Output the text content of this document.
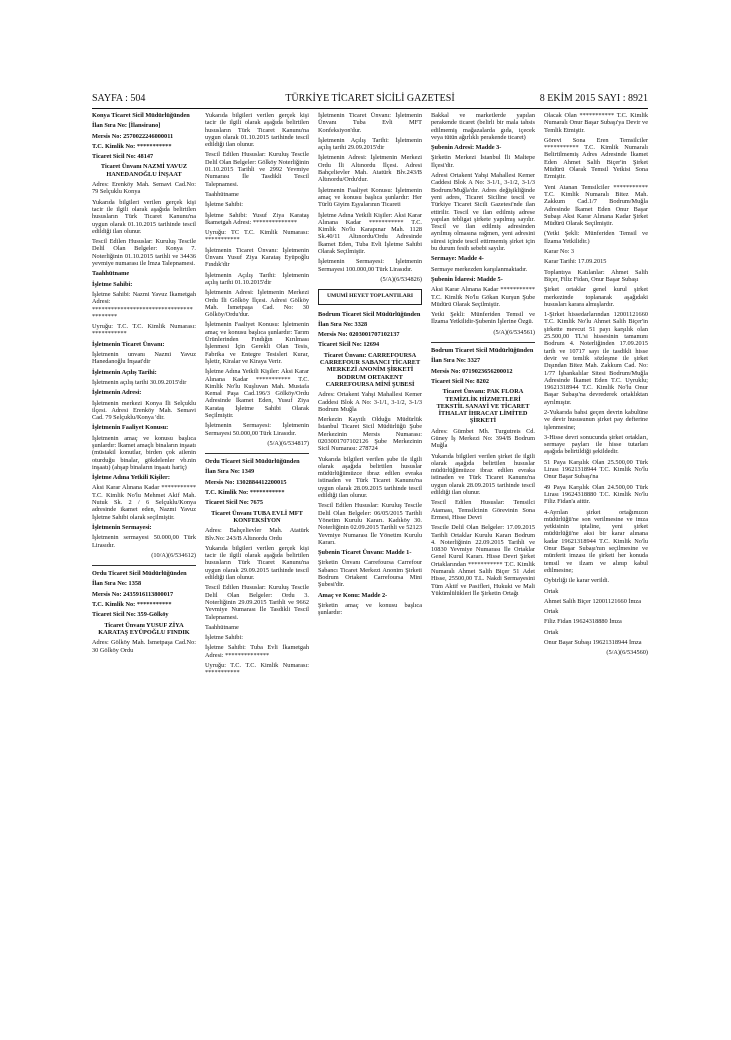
TÜRKİYE TİCARET SİCİLİ GAZETESİ
SAYFA : 504	8 EKİM 2015 SAYI : 8921
Konya Ticaret Sicil Müdürlüğünden
İlan Sıra No: [İlansirano]
Mersis No: 2570022246000011
T.C. Kimlik No: ***********
Ticaret Sicil No: 48147
Ticaret Ünvanı NAZMİ YAVUZ HANEDANOĞLU İNŞAAT
Adres: Erenköy Mah. Semavi Cad.No: 79 Selçuklu Konya
Yukarıda bilgileri verilen gerçek kişi tacir ile ilgili olarak aşağıda belirtilen hususların Türk Ticaret Kanunu'na uygun olarak 01.10.2015 tarihinde tescil edildiği ilan olunur.
Tescil Edilen Hususlar: Kuruluş Tescile Delil Olan Belgeler: Konya 7. Noterliğinin 01.10.2015 tarihli ve 34436 yevmiye numarası ile İmza Talepnamesi.
Taahhütname
İşletme Sahibi:
İşletme Sahibi: Nazmi Yavuz İkametgah Adresi: ******************************** ********
Uyruğu: T.C. T.C. Kimlik Numarası: ***********
İşletmenin Ticaret Ünvanı:
İşletmenin unvanı Nazmi Yavuz Hanedanoğlu İnşaat'dir
İşletmenin Açılış Tarihi:
İşletmenin açılış tarihi 30.09.2015'dir
İşletmenin Adresi:
İşletmenin merkezi Konya İli Selçuklu ilçesi. Adresi Erenköy Mah. Semavi Cad. 79 Selçuklu/Konya 'dir.
İşletmenin Faaliyet Konusu:
İşletmenin amaç ve konusu başlıca şunlardır: İkamet amaçlı binaların inşaatı (müstakil konutlar, birden çok ailenin oturduğu binalar, gökdelenler vb.nin inşaatı) (ahşap binaların inşaatı hariç)
İşletme Adına Yetkili Kişiler:
Aksi Karar Alınana Kadar *********** T.C. Kimlik No'lu Mehmet Akif Mah. Nutuk Sk. 2 / 6 Selçuklu/Konya adresinde ikamet eden, Nazmi Yavuz İşletme Sahibi olarak seçilmiştir.
İşletmenin Sermayesi:
İşletmenin sermayesi 50.000,00 Türk Lirasıdır.
(10/A)(6/534612)
Ordu Ticaret Sicil Müdürlüğünden
İlan Sıra No: 1358
Mersis No: 2435916113800017
T.C. Kimlik No: ***********
Ticaret Sicil No: 359-Gölköy
Ticaret Ünvanı YUSUF ZİYA KARATAŞ EYÜPOĞLU FINDIK
Adres: Gölköy Mah. İsmetpaşa Cad.No: 30 Gölköy Ordu
Yukarıda bilgileri verilen gerçek kişi tacir ile ilgili olarak aşağıda belirtilen hususların Türk Ticaret Kanunu'na uygun olarak 01.10.2015 tarihinde tescil edildiği ilan olunur.
Tescil Edilen Hususlar: Kuruluş Tescile Delil Olan Belgeler: Gölköy Noterliğinin 01.10.2015 Tarihli ve 2992 Yevmiye Numarası İle Tasdikli Tescil Talepnamesi.
Taahhütname
İşletme Sahibi:
İşletme Sahibi: Yusuf Ziya Karataş İkametgah Adresi: **************
Uyruğu: TC T.C. Kimlik Numarası: ***********
İşletmenin Ticaret Ünvanı: İşletmenin Ünvanı Yusuf Ziya Karataş Eyüpoğlu Fındık'dir
İşletmenin Açılış Tarihi: İşletmenin açılış tarihi 01.10.2015'dir
İşletmenin Adresi: İşletmenin Merkezi Ordu İli Gölköy İlçesi. Adresi Gölköy Mah. İsmetpaşa Cad. No: 30 Gölköy/Ordu'dur.
İşletmenin Faaliyet Konusu: İşletmenin amaç ve konusu başlıca şunlardır: Tarım Ürünlerinden Fındığın Kırılması İşlenmesi İçin Gerekli Olan Tesis, Fabrika ve Entegre Tesisleri Kurar, İşletir, Kiralar ve Kiraya Verir.
İşletme Adına Yetkili Kişiler: Aksi Karar Alınana Kadar *********** T.C. Kimlik No'lu Kuşluvan Mah. Mustafa Kemal Paşa Cad.196/3 Gölköy/Ordu Adresinde İkamet Eden, Yusuf Ziya Karataş İşletme Sahibi Olarak Seçilmiştir.
İşletmenin Sermayesi: İşletmenin Sermayesi 50.000,00 Türk Lirasıdır.
(5/A)(6/534817)
Ordu Ticaret Sicil Müdürlüğünden
İlan Sıra No: 1349
Mersis No: 1302884412200015
T.C. Kimlik No: ***********
Ticaret Sicil No: 7675
Ticaret Ünvanı TUBA EVLİ MFT KONFEKSİYON
Adres: Bahçelievler Mah. Atatürk Blv.No: 243/B Altınordu Ordu
Yukarıda bilgileri verilen gerçek kişi tacir ile ilgili olarak aşağıda belirtilen hususların Türk Ticaret Kanunu'na uygun olarak 29.09.2015 tarihinde tescil edildiği ilan olunur.
Tescil Edilen Hususlar: Kuruluş Tescile Delil Olan Belgeler: Ordu 3. Noterliğinin 29.09.2015 Tarihli ve 9662 Yevmiye Numarası İle Tasdikli Tescil Talepnamesi.
Taahhütname
İşletme Sahibi:
İşletme Sahibi: Tuba Evli İkametgah Adresi: **************
Uyruğu: T.C. T.C. Kimlik Numarası: ***********
İşletmenin Ticaret Ünvanı: İşletmenin Ünvanı Tuba Evli MFT Konfeksiyon'dur.
İşletmenin Açılış Tarihi: İşletmenin açılış tarihi 29.09.2015'dir
İşletmenin Adresi: İşletmenin Merkezi Ordu İli Altınordu İlçesi. Adresi Bahçelievler Mah. Atatürk Blv.243/B Altınordu/Ordu'dur.
İşletmenin Faaliyet Konusu: İşletmenin amaç ve konusu başlıca şunlardır: Her Türlü Giyim Eşyalarının Ticareti
İşletme Adına Yetkili Kişiler: Aksi Karar Alınana Kadar *********** T.C. Kimlik No'lu Karapınar Mah. 1128 Sk.40/11 Altınordu/Ordu Adresinde İkamet Eden, Tuba Evli İşletme Sahibi Olarak Seçilmiştir.
İşletmenin Sermayesi: İşletmenin Sermayesi 100.000,00 Türk Lirasıdır.
(5/A)(6/534826)
UMUMİ HEYET TOPLANTILARI
Bodrum Ticaret Sicil Müdürlüğünden
İlan Sıra No: 3328
Mersis No: 0203001707102137
Ticaret Sicil No: 12694
Ticaret Ünvanı: CARREFOURSA CARREFOUR SABANCI TİCARET MERKEZİ ANONİM ŞİRKETİ BODRUM ORTAKENT CARREFOURSA MİNİ ŞUBESİ
Adres: Ortakent Yahşi Mahallesi Kemer Caddesi Blok A No: 3-1/1, 3-1/2, 3-1/3 Bodrum Muğla
Merkezin Kayıtlı Olduğu Müdürlük İstanbul Ticaret Sicil Müdürlüğü Şube Merkezinin Mersis Numarası: 0203001707102126 Şube Merkezinin Sicil Numarası: 278724
Yukarıda bilgileri verilen şube ile ilgili olarak aşağıda belirtilen hususlar müdürlüğümüzce ibraz edilen evraka istinaden ve Türk Ticaret Kanunu'na uygun olarak 28.09.2015 tarihinde tescil edildiği ilan olunur.
Tescil Edilen Hususlar: Kuruluş Tescile Delil Olan Belgeler: 06/05/2015 Tarihli Yönetim Kurulu Kararı. Kadıköy 30. Noterliğinin 02.09.2015 Tarihli ve 52123 Yevmiye Numarası İle Yönetim Kurulu Kararı.
Şubenin Ticaret Ünvanı: Madde 1-
Şirketin Ünvanı Carrefoursa Carrefour Sabancı Ticaret Merkezi Anonim Şirketi Bodrum Ortakent Carrefoursa Mini Şubesi'dir.
Amaç ve Konu: Madde 2-
Şirketin amaç ve konusu başlıca şunlardır:
Bakkal ve marketlerde yapılan perakende ticaret (belirli bir mala tahsis edilmemiş mağazalarda gıda, içecek veya tütün ağırlıklı perakende ticaret)
Şubenin Adresi: Madde 3-
Şirketin Merkezi İstanbul İli Maltepe İlçesi'dir.
Adresi Ortakent Yahşi Mahallesi Kemer Caddesi Blok A No: 3-1/1, 3-1/2, 3-1/3 Bodrum/Muğla'dır. Adres değişikliğinde yeni adres, Ticaret Siciline tescil ve Türkiye Ticaret Sicili Gazetesi'nde ilan ettirilir. Tescil ve ilan edilmiş adrese yapılan tebligat şirkete yapılmış sayılır. Tescil ve ilan edilmiş adresinden ayrılmış olmasına rağmen, yeni adresini süresi içinde tescil ettirmemiş şirket için bu durum fesih sebebi sayılır.
Sermaye: Madde 4-
Sermaye merkezden karşılanmaktadır.
Şubenin İdaresi: Madde 5-
Aksi Karar Alınana Kadar *********** T.C. Kimlik No'lu Gökan Kurşun Şube Müdürü Olarak Seçilmiştir.
Yetki Şekli: Münferiden Temsil ve İlzama Yetkilidir-Şubenin İşlerine Özgü.
(5/A)(6/534561)
Bodrum Ticaret Sicil Müdürlüğünden
İlan Sıra No: 3327
Mersis No: 0719023656200012
Ticaret Sicil No: 8202
Ticaret Ünvanı: PAK FLORA TEMİZLİK HİZMETLERİ TEKSTİL SANAYİ VE TİCARET İTHALAT İHRACAT LİMİTED ŞİRKETİ
Adres: Gümbet Mh. Turgutreis Cd. Güney İş Merkezi No: 394/B Bodrum Muğla
Yukarıda bilgileri verilen şirket ile ilgili olarak aşağıda belirtilen hususlar müdürlüğümüzce ibraz edilen evraka istinaden ve Türk Ticaret Kanunu'na uygun olarak 28.09.2015 tarihinde tescil edildiği ilan olunur.
Tescil Edilen Hususlar: Temsilci Ataması, Temsilcinin Görevinin Sona Ermesi, Hisse Devri
Tescile Delil Olan Belgeler: 17.09.2015 Tarihli Ortaklar Kurulu Kararı Bodrum 4. Noterliğinin 22.09.2015 Tarihli ve 10830 Yevmiye Numarası İle Ortaklar Genel Kurul Kararı. Hisse Devri Şirket Ortaklarından *********** T.C. Kimlik Numaralı Ahmet Salih Biçer 51 Adet Hisse, 25500,00 T.L. Nakdi Sermayesini Tüm Aktif ve Pasifleri, Hukuki ve Mali Yükümlülükleri İle Şirketin Ortağı
Olacak Olan *********** T.C. Kimlik Numaralı Onur Başar Subaşı'ya Devir ve Temlik Etmiştir.
Görevi Sona Eren Temsilciler *********** T.C. Kimlik Numaralı Belirtilmemiş Adres Adresinde İkamet Eden Ahmet Salih Biçer'in Şirket Müdürü Olarak Temsil Yetkisi Sona Ermiştir.
Yeni Atanan Temsilciler *********** T.C. Kimlik Numaralı Bitez Mah. Zakkum Cad.1/7 Bodrum/Muğla Adresinde İkamet Eden Onur Başar Subaşı Aksi Karar Alınana Kadar Şirket Müdürü Olarak Seçilmiştir.
(Yetki Şekli: Münferiden Temsil ve İlzama Yetkilidir.)
Karar No: 3
Karar Tarihi: 17.09.2015
Toplantıya Katılanlar: Ahmet Salih Biçer, Filiz Fidan, Onur Başar Subaşı
Şirket ortaklar genel kurul şirket merkezinde toplanarak aşağıdaki hususları karara almışlardır.
1-Şirket hissedarlarından 12001121660 T.C. Kimlik No'lu Ahmet Salih Biçer'in şirkette mevcut 51 payı karşılık olan 25.500,00 TL'si hissesinin tamamını Bodrum 4. Noterliğinden 17.09.2015 tarih ve 10717 sayı ile tasdikli hisse devir ve temlik sözleşme ile şirket Dışından Bitez Mah. Zakkum Cad. No: 1/77 İşbankalılar Sitesi Bodrum/Muğla Adresinde İkamet Eden T.C. Uyruklu; 19621318944 T.C. Kimlik No'lu Onur Başar Subaşı'na devrederek ortaklıktan ayrılmıştır.
2-Yukarıda bahsi geçen devrin kabulüne ve devir hususunun şirket pay defterine işlenmesine;
3-Hisse devri sonucunda şirket ortakları, sermaye payları ile hisse tutarları aşağıda belirtildiği şekildedir.
51 Paya Karşılık Olan 25.500,00 Türk Lirası 19621318944 T.C. Kimlik No'lu Onur Başar Subaşı'na
49 Paya Karşılık Olan 24.500,00 Türk Lirası 19624318880 T.C. Kimlik No'lu Filiz Fidan'a aittir.
4-Ayrılan şirket ortağımızın müdürlüğü'ne son verilmesine ve imza yetkisinin iptaline, yeni şirket müdürlüğü'ne aksi bir karar alınana kadar 19621318944 T.C. Kimlik No'lu Onur Başar Subaşı'nın seçilmesine ve münferit imzası ile şirketi her konuda temsil ve ilzam ve alınıp kabul edilmesine;
Oybirliği ile karar verildi.
Ortak
Ahmet Salih Biçer 12001121660 İmza
Ortak
Filiz Fidan 19624318880 İmza
Ortak
Onur Başar Subaşı 19621318944 İmza
(5/A)(6/534560)
